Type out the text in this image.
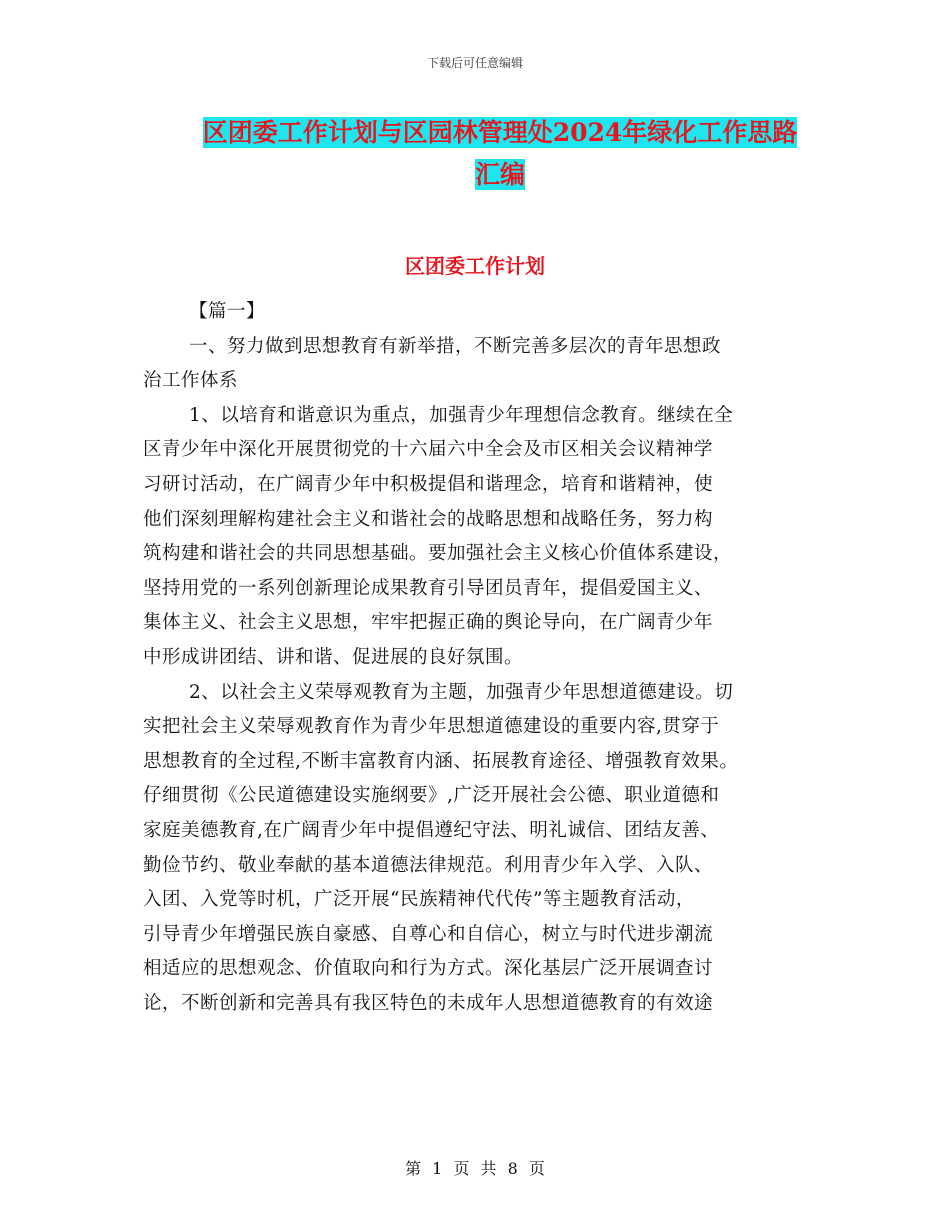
下载后可任意编辑
区团委工作计划与区园林管理处2024年绿化工作思路
汇编
区团委工作计划
【篇一】
一、努力做到思想教育有新举措，不断完善多层次的青年思想政
治工作体系
1、以培育和谐意识为重点，加强青少年理想信念教育。继续在全
区青少年中深化开展贯彻党的十六届六中全会及市区相关会议精神学
习研讨活动，在广阔青少年中积极提倡和谐理念，培育和谐精神，使
他们深刻理解构建社会主义和谐社会的战略思想和战略任务，努力构
筑构建和谐社会的共同思想基础。要加强社会主义核心价值体系建设，
坚持用党的一系列创新理论成果教育引导团员青年，提倡爱国主义、
集体主义、社会主义思想，牢牢把握正确的舆论导向，在广阔青少年
中形成讲团结、讲和谐、促进展的良好氛围。
2、以社会主义荣辱观教育为主题，加强青少年思想道德建设。切
实把社会主义荣辱观教育作为青少年思想道德建设的重要内容,贯穿于
思想教育的全过程,不断丰富教育内涵、拓展教育途径、增强教育效果。
仔细贯彻《公民道德建设实施纲要》,广泛开展社会公德、职业道德和
家庭美德教育,在广阔青少年中提倡遵纪守法、明礼诚信、团结友善、
勤俭节约、敬业奉献的基本道德法律规范。利用青少年入学、入队、
入团、入党等时机，广泛开展“民族精神代代传”等主题教育活动，
引导青少年增强民族自豪感、自尊心和自信心，树立与时代进步潮流
相适应的思想观念、价值取向和行为方式。深化基层广泛开展调查讨
论，不断创新和完善具有我区特色的未成年人思想道德教育的有效途
第 1 页 共 8 页
